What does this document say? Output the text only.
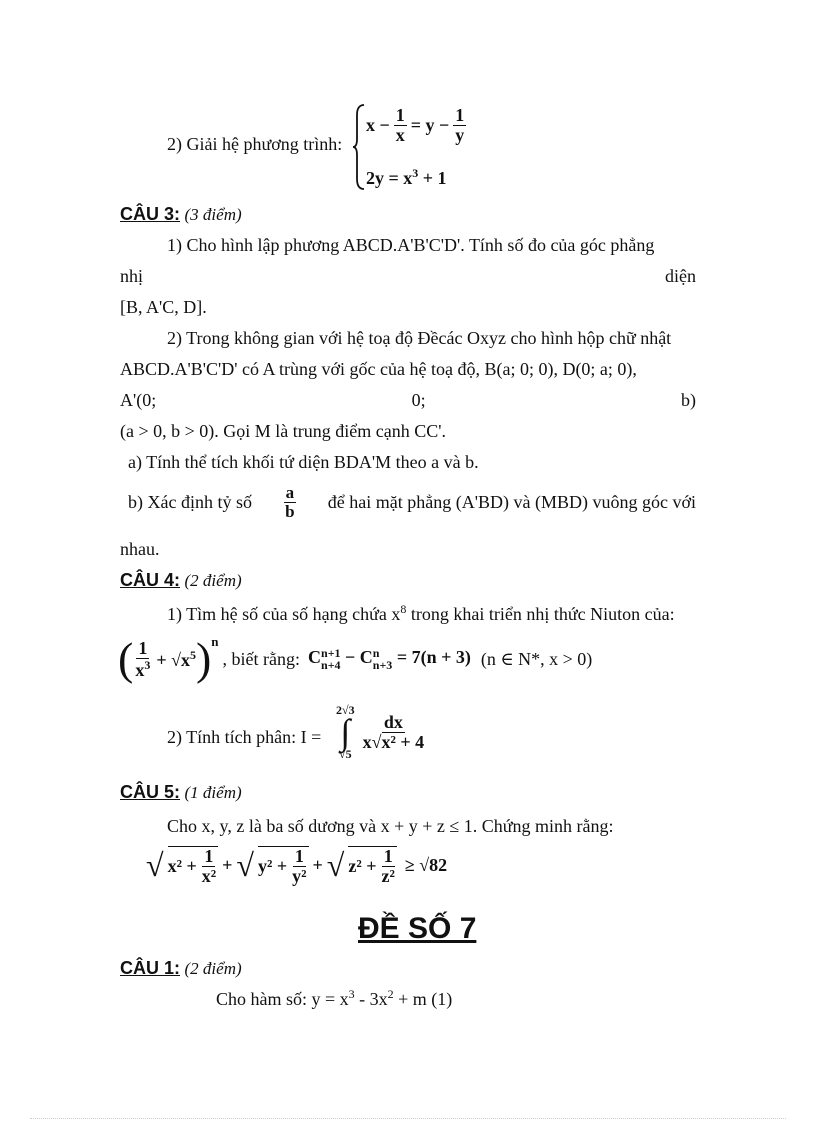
2) Giải hệ phương trình:
$x - \frac{1}{x} = y - \frac{1}{y}$
$2y = x^3 + 1$
CÂU 3: (3 điểm)
1) Cho hình lập phương ABCD.A'B'C'D'. Tính số đo của góc phẳng
nhị	diện
[B, A'C, D].
2) Trong không gian với hệ toạ độ Đềcác Oxyz cho hình hộp chữ nhật
ABCD.A'B'C'D' có A trùng với gốc của hệ toạ độ, B(a; 0; 0), D(0; a; 0),
A'(0;	0;	b)
(a > 0, b > 0). Gọi M là trung điểm cạnh CC'.
a) Tính thể tích khối tứ diện BDA'M theo a và b.
b) Xác định tỷ số $\frac{a}{b}$ để hai mặt phẳng (A'BD) và (MBD) vuông góc với
nhau.
CÂU 4: (2 điểm)
1) Tìm hệ số của số hạng chứa $x^8$ trong khai triển nhị thức Niuton của:
( $\frac{1}{x^3} + √x^5$ ) n
, biết rằng: C n+1
n+4 − C n
n+3 = 7(n + 3) (n ∈ N*, x > 0)
2) Tính tích phân: I =
2√3
∫
√5
$\frac{dx}{\text{x√x² + 4}}$
CÂU 5: (1 điểm)
Cho x, y, z là ba số dương và x + y + z ≤ 1. Chứng minh rằng:
√ $x^2 + \frac{1}{\text{x²}}$ + √ $y^2 + \frac{1}{\text{y²}}$ + √ $z^2 + \frac{1}{\text{z²}} \ge √82$
ĐỀ SỐ 7
CÂU 1: (2 điểm)
Cho hàm số: $y = x^3 - 3x^2 + m$ (1)
